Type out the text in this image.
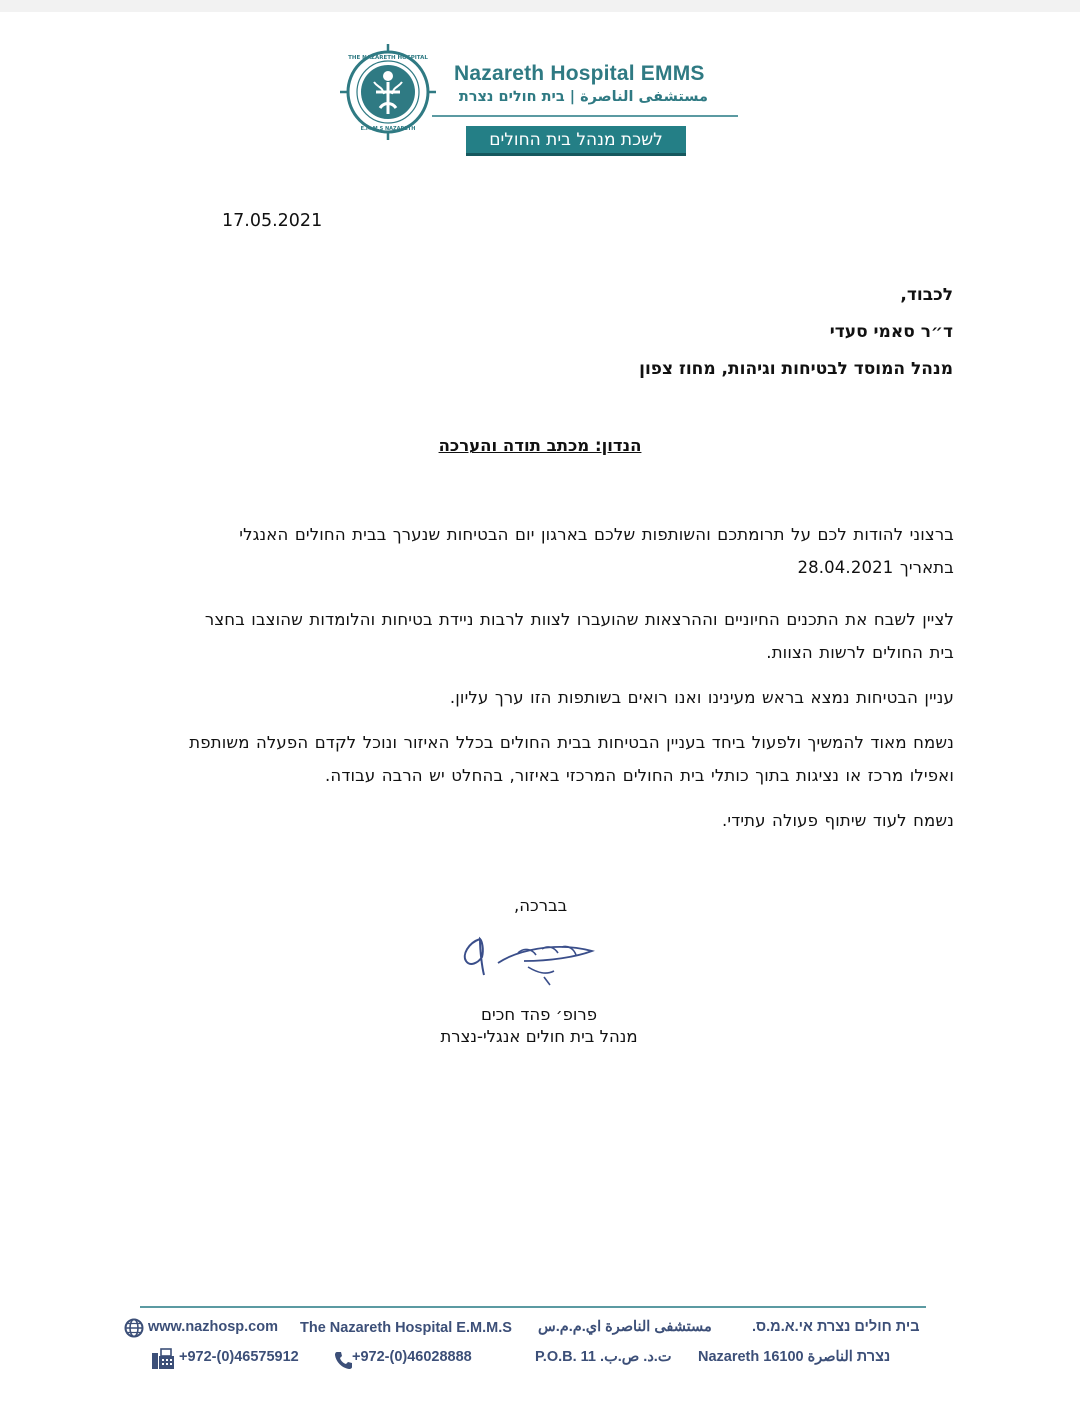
THE NAZARETH HOSPITAL
E.M.M.S NAZARETH
Nazareth Hospital EMMS
مستشفى الناصرة | בית חולים נצרת
לשכת מנהל בית החולים
17.05.2021
לכבוד,
ד״ר סאמי סעדי
מנהל המוסד לבטיחות וגיהות, מחוז צפון
הנדון: מכתב תודה והערכה
ברצוני להודות לכם על תרומתכם והשותפות שלכם בארגון יום הבטיחות שנערך בבית החולים האנגלי
בתאריך 28.04.2021
לציין לשבח את התכנים החיוניים וההרצאות שהועברו לצוות לרבות ניידת בטיחות והלומדות שהוצבו בחצר
בית החולים לרשות הצוות.
עניין הבטיחות נמצא בראש מעינינו ואנו רואים בשותפות הזו ערך עליון.
נשמח מאוד להמשיך ולפעול ביחד בעניין הבטיחות בבית החולים בכלל האיזור ונוכל לקדם הפעלה משותפת
ואפילו מרכז או נציגות בתוך כותלי בית החולים המרכזי באיזור, בהחלט יש הרבה עבודה.
נשמח לעוד שיתוף פעולה עתידי.
בברכה,
פרופ׳ פהד חכים
מנהל בית חולים אנגלי-נצרת
www.nazhosp.com The Nazareth Hospital E.M.M.S مستشفى الناصرة اي.م.م.س	בית חולים נצרת אי.א.מ.ס.
+972-(0)46575912	+972-(0)46028888	P.O.B. 11 .ت.د. ص.ب Nazareth 16100 נצרת الناصرة
